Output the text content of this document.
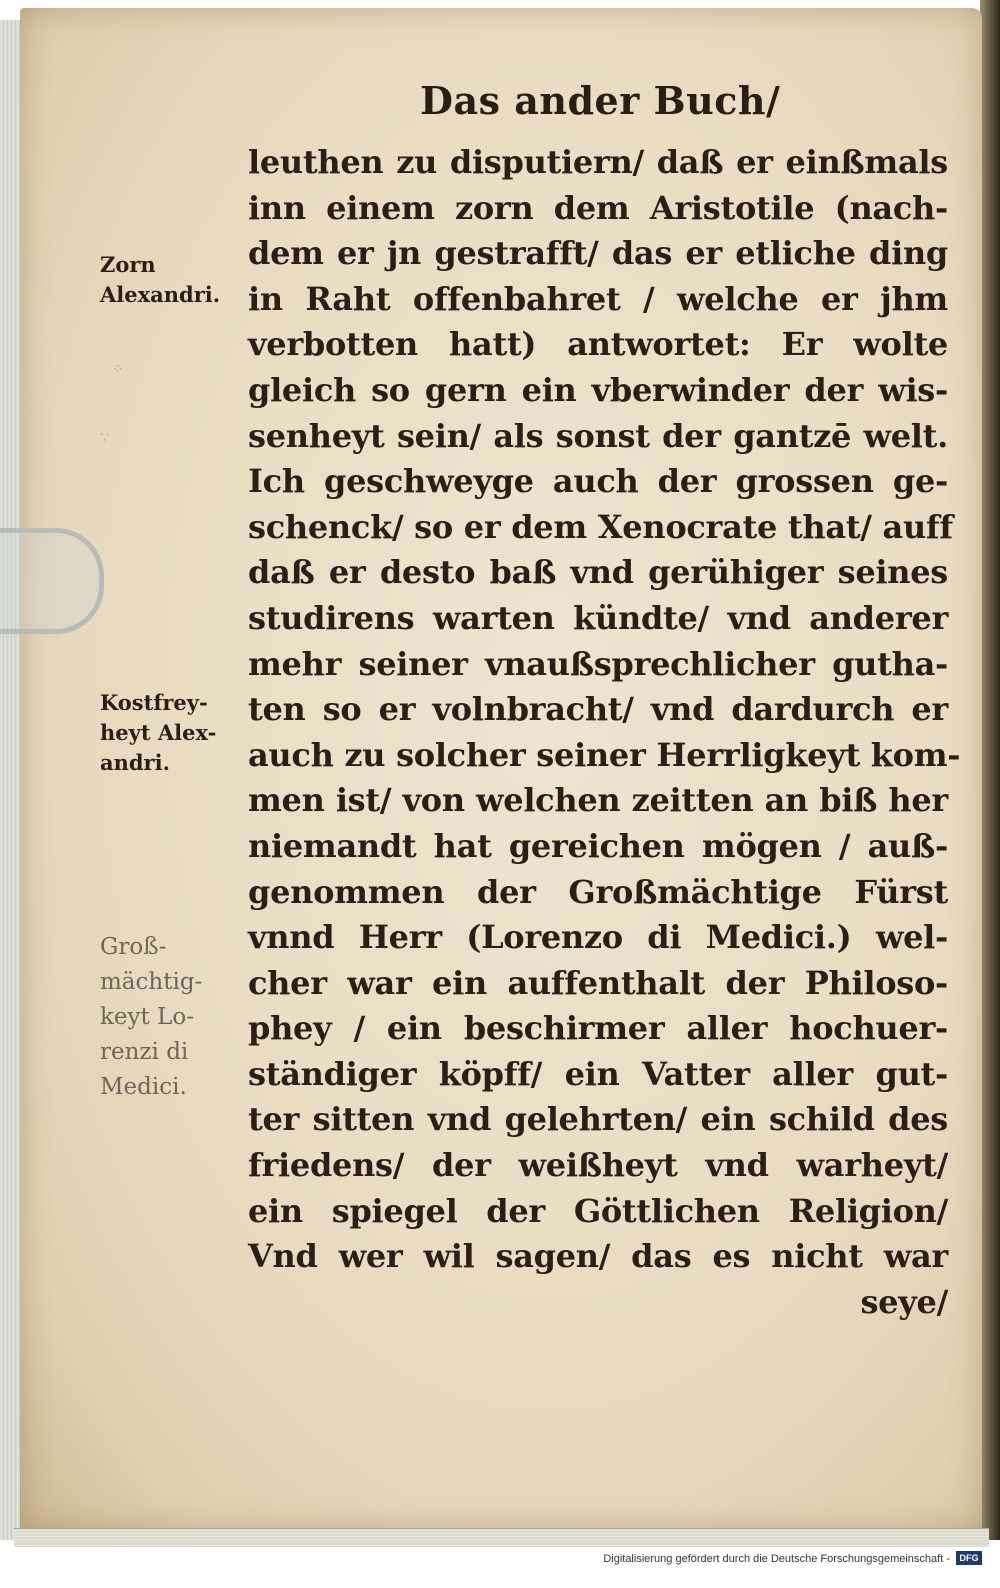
Das ander Buch/
leuthen zu disputiern/ daß er einßmals
inn einem zorn dem Aristotile (nach-
dem er jn gestrafft/ das er etliche ding
in Raht offenbahret / welche er jhm
verbotten hatt) antwortet: Er wolte
gleich so gern ein vberwinder der wis-
senheyt sein/ als sonst der gantzē welt.
Ich geschweyge auch der grossen ge-
schenck/ so er dem Xenocrate that/ auff
daß er desto baß vnd gerühiger seines
studirens warten kündte/ vnd anderer
mehr seiner vnaußsprechlicher gutha-
ten so er volnbracht/ vnd dardurch er
auch zu solcher seiner Herrligkeyt kom-
men ist/ von welchen zeitten an biß her
niemandt hat gereichen mögen / auß-
genommen der Großmächtige Fürst
vnnd Herr (Lorenzo di Medici.) wel-
cher war ein auffenthalt der Philoso-
phey / ein beschirmer aller hochuer-
ständiger köpff/ ein Vatter aller gut-
ter sitten vnd gelehrten/ ein schild des
friedens/ der weißheyt vnd warheyt/
ein spiegel der Göttlichen Religion/
Vnd wer wil sagen/ das es nicht war
seye/
Zorn
Alexandri.
Kostfrey-
heyt Alex-
andri.
Groß-
mächtig-
keyt Lo-
renzi di
Medici.
⁘
∵
Digitalisierung gefördert durch die Deutsche Forschungsgemeinschaft -	DFG
